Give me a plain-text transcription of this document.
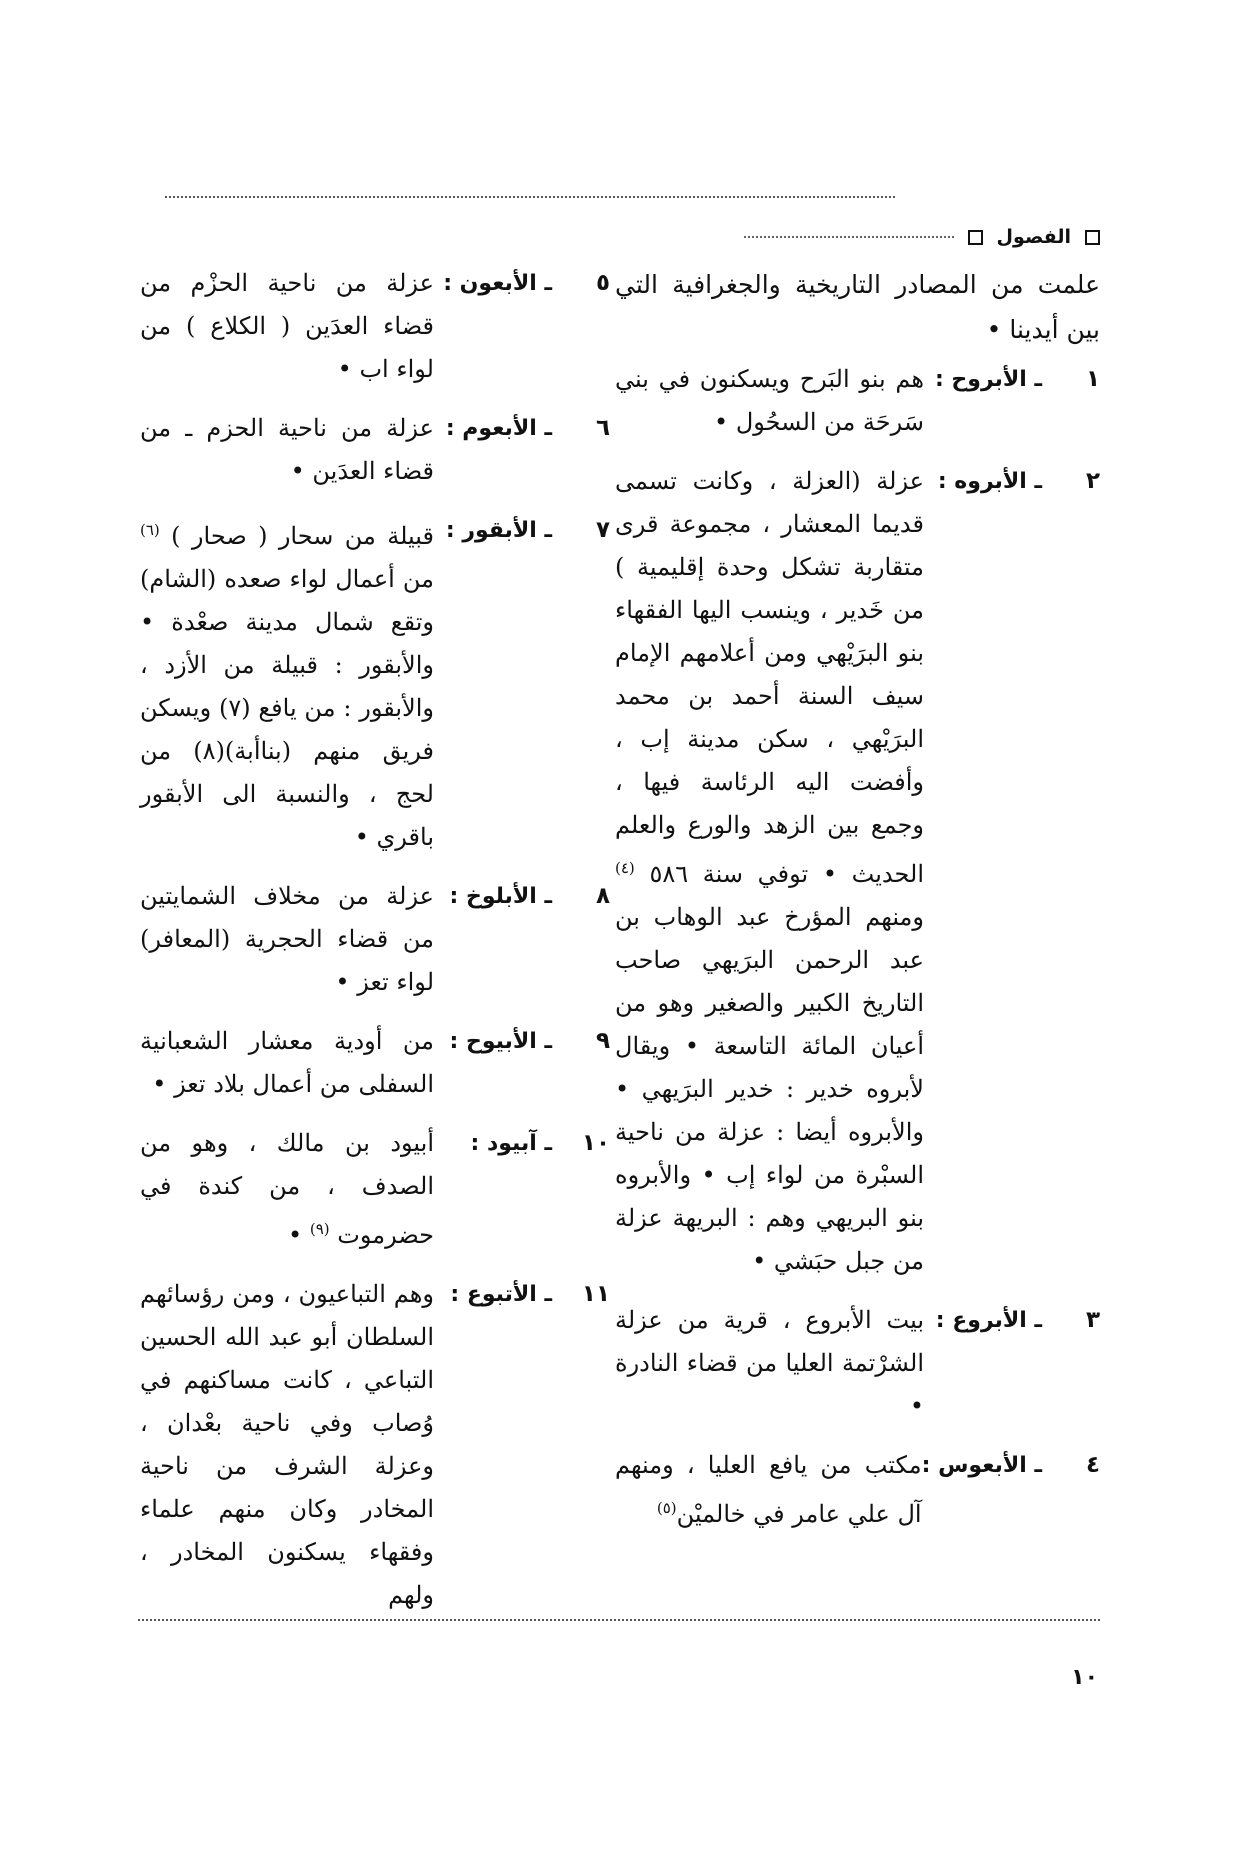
الفصول

علمت من المصادر التاريخية والجغرافية التي بين أيدينا •

١
ـ الأبروح :
هم بنو البَرح ويسكنون في بني سَرحَة من السحُول •
٢
ـ الأبروه :
عزلة (العزلة ، وكانت تسمى قديما المعشار ، مجموعة قرى متقاربة تشكل وحدة إقليمية ) من خَدير ، وينسب اليها الفقهاء بنو البرَيْهي ومن أعلامهم الإمام سيف السنة أحمد بن محمد البرَيْهي ، سكن مدينة إب ، وأفضت اليه الرئاسة فيها ، وجمع بين الزهد والورع والعلم الحديث • توفي سنة ٥٨٦ $^{(٤)}$ ومنهم المؤرخ عبد الوهاب بن عبد الرحمن البرَيهي صاحب التاريخ الكبير والصغير وهو من أعيان المائة التاسعة • ويقال لأبروه خدير : خدير البرَيهي • والأبروه أيضا : عزلة من ناحية السبْرة من لواء إب • والأبروه بنو البريهي وهم : البريهة عزلة من جبل حبَشي •
٣
ـ الأبروع :
بيت الأبروع ، قرية من عزلة الشرْتمة العليا من قضاء النادرة •
٤
ـ الأبعوس :
مكتب من يافع العليا ، ومنهم آل علي عامر في خالميْن$^{(٥)}$
٥
ـ الأبعون :
عزلة من ناحية الحزْم من قضاء العدَين ( الكلاع ) من لواء اب •
٦
ـ الأبعوم :
عزلة من ناحية الحزم ـ من قضاء العدَين •
٧
ـ الأبقور :
قبيلة من سحار ( صحار ) $^{(٦)}$ من أعمال لواء صعده (الشام) وتقع شمال مدينة صعْدة • والأبقور : قبيلة من الأزد ، والأبقور : من يافع (٧) ويسكن فريق منهم (بناأبة)(٨) من لحج ، والنسبة الى الأبقور باقري •
٨
ـ الأبلوخ :
عزلة من مخلاف الشمايتين من قضاء الحجرية (المعافر) لواء تعز •
٩
ـ الأبيوح :
من أودية معشار الشعبانية السفلى من أعمال بلاد تعز •
١٠
ـ آبيود :
أبيود بن مالك ، وهو من الصدف ، من كندة في حضرموت $^{(٩)}$ •
١١
ـ الأتبوع :
وهم التباعيون ، ومن رؤسائهم السلطان أبو عبد الله الحسين التباعي ، كانت مساكنهم في وُصاب وفي ناحية بعْدان ، وعزلة الشرف من ناحية المخادر وكان منهم علماء وفقهاء يسكنون المخادر ، ولهم
١٠
